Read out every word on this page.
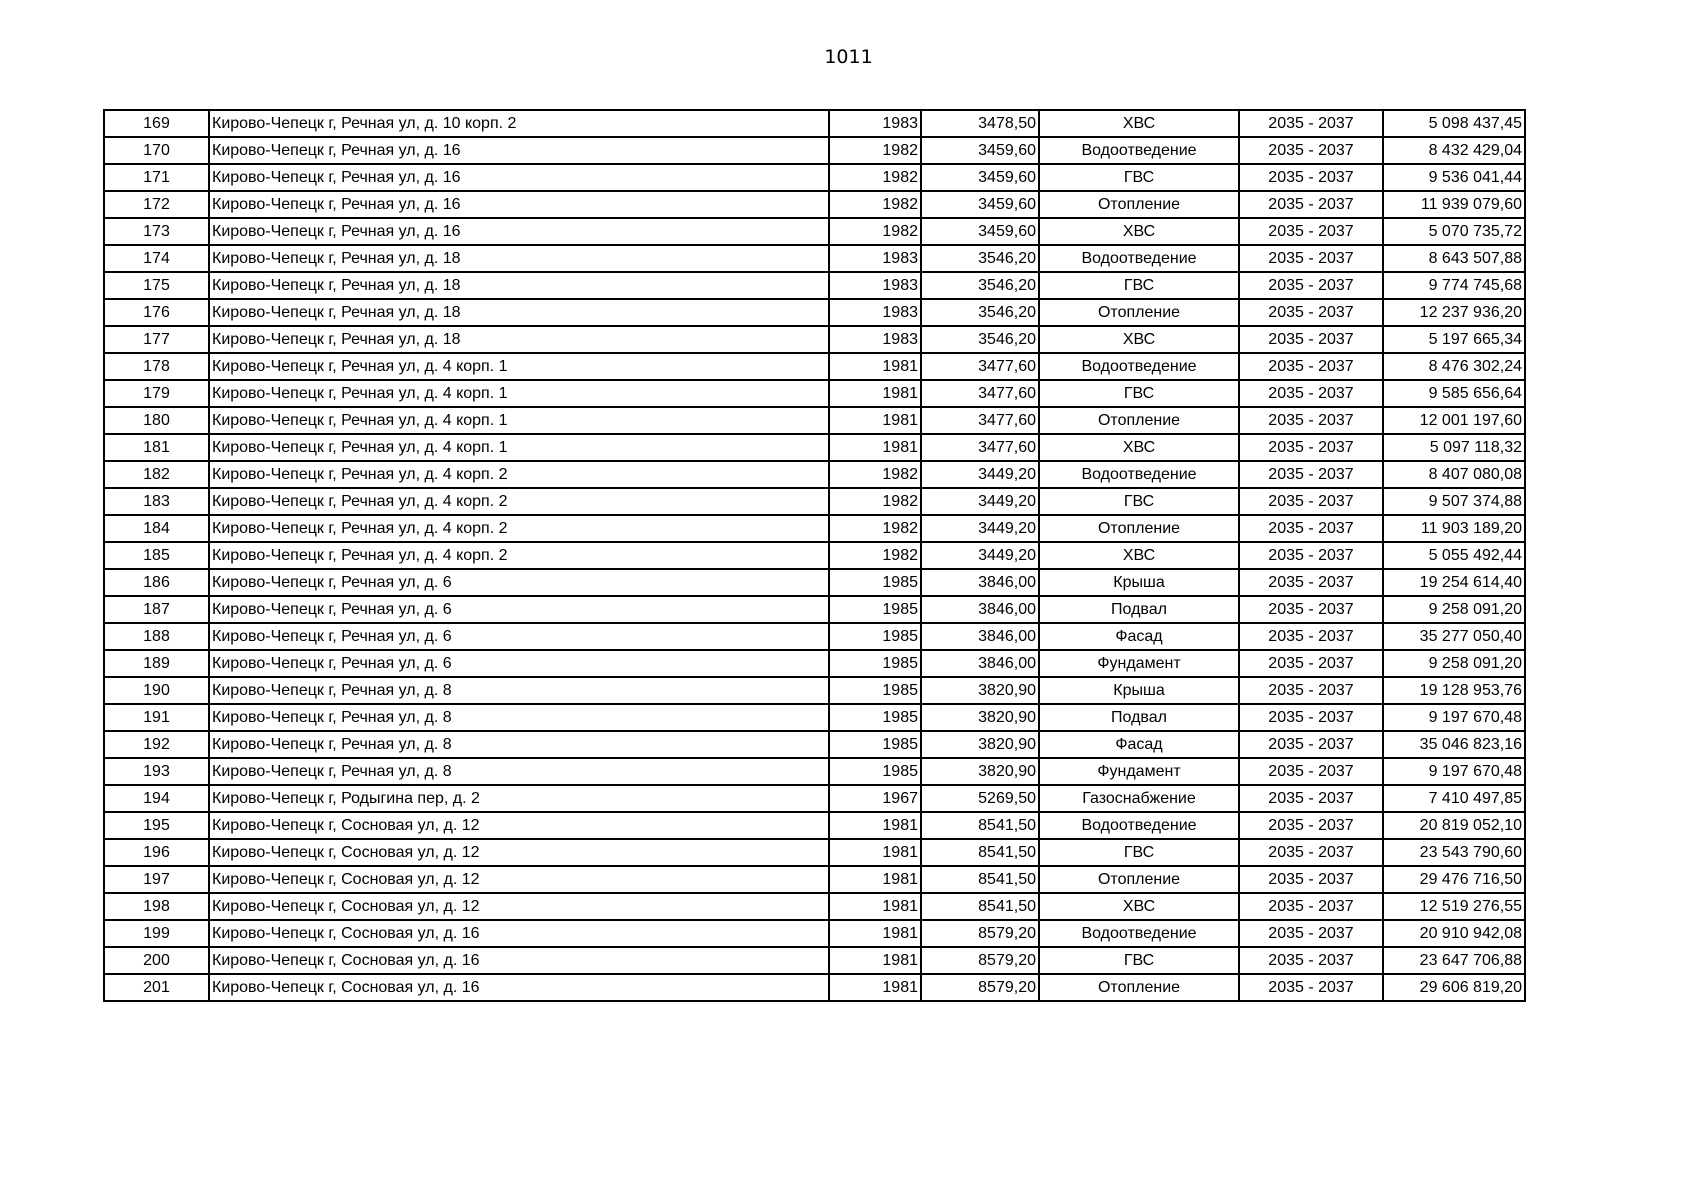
1011
169	Кирово-Чепецк г, Речная ул, д. 10 корп. 2	1983	3478,50	ХВС	2035 - 2037	5 098 437,45
170	Кирово-Чепецк г, Речная ул, д. 16	1982	3459,60	Водоотведение	2035 - 2037	8 432 429,04
171	Кирово-Чепецк г, Речная ул, д. 16	1982	3459,60	ГВС	2035 - 2037	9 536 041,44
172	Кирово-Чепецк г, Речная ул, д. 16	1982	3459,60	Отопление	2035 - 2037	11 939 079,60
173	Кирово-Чепецк г, Речная ул, д. 16	1982	3459,60	ХВС	2035 - 2037	5 070 735,72
174	Кирово-Чепецк г, Речная ул, д. 18	1983	3546,20	Водоотведение	2035 - 2037	8 643 507,88
175	Кирово-Чепецк г, Речная ул, д. 18	1983	3546,20	ГВС	2035 - 2037	9 774 745,68
176	Кирово-Чепецк г, Речная ул, д. 18	1983	3546,20	Отопление	2035 - 2037	12 237 936,20
177	Кирово-Чепецк г, Речная ул, д. 18	1983	3546,20	ХВС	2035 - 2037	5 197 665,34
178	Кирово-Чепецк г, Речная ул, д. 4 корп. 1	1981	3477,60	Водоотведение	2035 - 2037	8 476 302,24
179	Кирово-Чепецк г, Речная ул, д. 4 корп. 1	1981	3477,60	ГВС	2035 - 2037	9 585 656,64
180	Кирово-Чепецк г, Речная ул, д. 4 корп. 1	1981	3477,60	Отопление	2035 - 2037	12 001 197,60
181	Кирово-Чепецк г, Речная ул, д. 4 корп. 1	1981	3477,60	ХВС	2035 - 2037	5 097 118,32
182	Кирово-Чепецк г, Речная ул, д. 4 корп. 2	1982	3449,20	Водоотведение	2035 - 2037	8 407 080,08
183	Кирово-Чепецк г, Речная ул, д. 4 корп. 2	1982	3449,20	ГВС	2035 - 2037	9 507 374,88
184	Кирово-Чепецк г, Речная ул, д. 4 корп. 2	1982	3449,20	Отопление	2035 - 2037	11 903 189,20
185	Кирово-Чепецк г, Речная ул, д. 4 корп. 2	1982	3449,20	ХВС	2035 - 2037	5 055 492,44
186	Кирово-Чепецк г, Речная ул, д. 6	1985	3846,00	Крыша	2035 - 2037	19 254 614,40
187	Кирово-Чепецк г, Речная ул, д. 6	1985	3846,00	Подвал	2035 - 2037	9 258 091,20
188	Кирово-Чепецк г, Речная ул, д. 6	1985	3846,00	Фасад	2035 - 2037	35 277 050,40
189	Кирово-Чепецк г, Речная ул, д. 6	1985	3846,00	Фундамент	2035 - 2037	9 258 091,20
190	Кирово-Чепецк г, Речная ул, д. 8	1985	3820,90	Крыша	2035 - 2037	19 128 953,76
191	Кирово-Чепецк г, Речная ул, д. 8	1985	3820,90	Подвал	2035 - 2037	9 197 670,48
192	Кирово-Чепецк г, Речная ул, д. 8	1985	3820,90	Фасад	2035 - 2037	35 046 823,16
193	Кирово-Чепецк г, Речная ул, д. 8	1985	3820,90	Фундамент	2035 - 2037	9 197 670,48
194	Кирово-Чепецк г, Родыгина пер, д. 2	1967	5269,50	Газоснабжение	2035 - 2037	7 410 497,85
195	Кирово-Чепецк г, Сосновая ул, д. 12	1981	8541,50	Водоотведение	2035 - 2037	20 819 052,10
196	Кирово-Чепецк г, Сосновая ул, д. 12	1981	8541,50	ГВС	2035 - 2037	23 543 790,60
197	Кирово-Чепецк г, Сосновая ул, д. 12	1981	8541,50	Отопление	2035 - 2037	29 476 716,50
198	Кирово-Чепецк г, Сосновая ул, д. 12	1981	8541,50	ХВС	2035 - 2037	12 519 276,55
199	Кирово-Чепецк г, Сосновая ул, д. 16	1981	8579,20	Водоотведение	2035 - 2037	20 910 942,08
200	Кирово-Чепецк г, Сосновая ул, д. 16	1981	8579,20	ГВС	2035 - 2037	23 647 706,88
201	Кирово-Чепецк г, Сосновая ул, д. 16	1981	8579,20	Отопление	2035 - 2037	29 606 819,20
